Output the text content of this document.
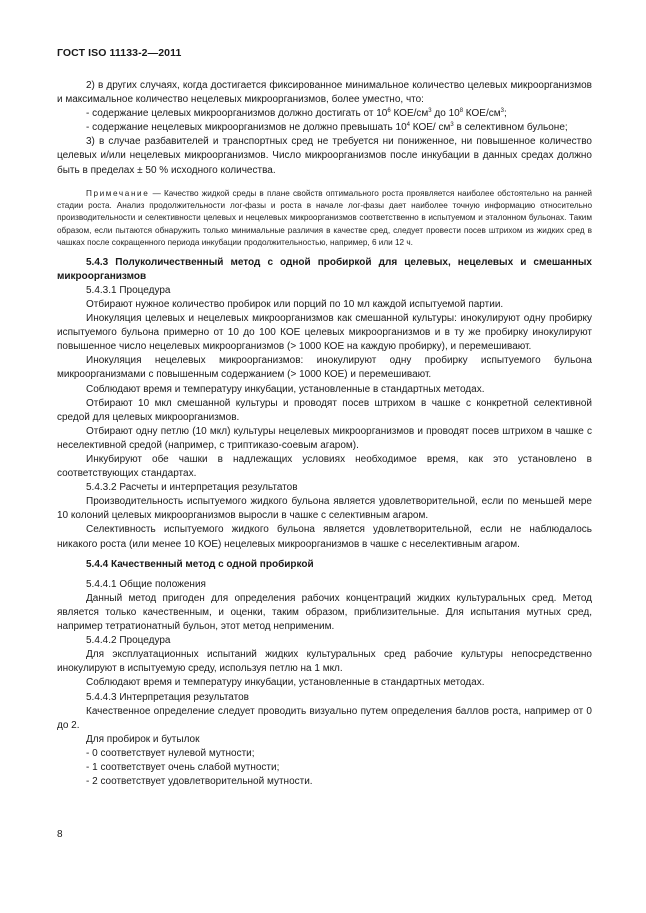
ГОСТ ISO 11133-2—2011

2) в других случаях, когда достигается фиксированное минимальное количество целевых микроорганизмов и максимальное количество нецелевых микроорганизмов, более уместно, что:

- содержание целевых микроорганизмов должно достигать от $10^6$ КОЕ/$см^3$ до $10^8$ КОЕ/$см^3$;

- содержание нецелевых микроорганизмов не должно превышать $10^4$ КОЕ/ $см^3$ в селективном бульоне;

3) в случае разбавителей и транспортных сред не требуется ни пониженное, ни повышенное количество целевых и/или нецелевых микроорганизмов. Число микроорганизмов после инкубации в данных средах должно быть в пределах ± 50 % исходного количества.

Примечание — Качество жидкой среды в плане свойств оптимального роста проявляется наиболее обстоятельно на ранней стадии роста. Анализ продолжительности лог-фазы и роста в начале лог-фазы дает наиболее точную информацию относительно производительности и селективности целевых и нецелевых микроорганизмов соответственно в испытуемом и эталонном бульонах. Таким образом, если пытаются обнаружить только минимальные различия в качестве сред, следует провести посев штрихом из жидких сред в чашках после сокращенного периода инкубации продолжительностью, например, 6 или 12 ч.

5.4.3 Полуколичественный метод с одной пробиркой для целевых, нецелевых и смешанных микроорганизмов

5.4.3.1 Процедура

Отбирают нужное количество пробирок или порций по 10 мл каждой испытуемой партии.

Инокуляция целевых и нецелевых микроорганизмов как смешанной культуры: инокулируют одну пробирку испытуемого бульона примерно от 10 до 100 КОЕ целевых микроорганизмов и в ту же пробирку инокулируют повышенное число нецелевых микроорганизмов (> 1000 КОЕ на каждую пробирку), и перемешивают.

Инокуляция нецелевых микроорганизмов: инокулируют одну пробирку испытуемого бульона микроорганизмами с повышенным содержанием (> 1000 КОЕ) и перемешивают.

Соблюдают время и температуру инкубации, установленные в стандартных методах.

Отбирают 10 мкл смешанной культуры и проводят посев штрихом в чашке с конкретной селективной средой для целевых микроорганизмов.

Отбирают одну петлю (10 мкл) культуры нецелевых микроорганизмов и проводят посев штрихом в чашке с неселективной средой (например, с триптиказо-соевым агаром).

Инкубируют обе чашки в надлежащих условиях необходимое время, как это установлено в соответствующих стандартах.

5.4.3.2 Расчеты и интерпретация результатов

Производительность испытуемого жидкого бульона является удовлетворительной, если по меньшей мере 10 колоний целевых микроорганизмов выросли в чашке с селективным агаром.

Селективность испытуемого жидкого бульона является удовлетворительной, если не наблюдалось никакого роста (или менее 10 КОЕ) нецелевых микроорганизмов в чашке с неселективным агаром.

5.4.4 Качественный метод с одной пробиркой

5.4.4.1 Общие положения

Данный метод пригоден для определения рабочих концентраций жидких культуральных сред. Метод является только качественным, и оценки, таким образом, приблизительные. Для испытания мутных сред, например тетратионатный бульон, этот метод неприменим.

5.4.4.2 Процедура

Для эксплуатационных испытаний жидких культуральных сред рабочие культуры непосредственно инокулируют в испытуемую среду, используя петлю на 1 мкл.

Соблюдают время и температуру инкубации, установленные в стандартных методах.

5.4.4.3 Интерпретация результатов

Качественное определение следует проводить визуально путем определения баллов роста, например от 0 до 2.

Для пробирок и бутылок

- 0 соответствует нулевой мутности;

- 1 соответствует очень слабой мутности;

- 2 соответствует удовлетворительной мутности.

8
